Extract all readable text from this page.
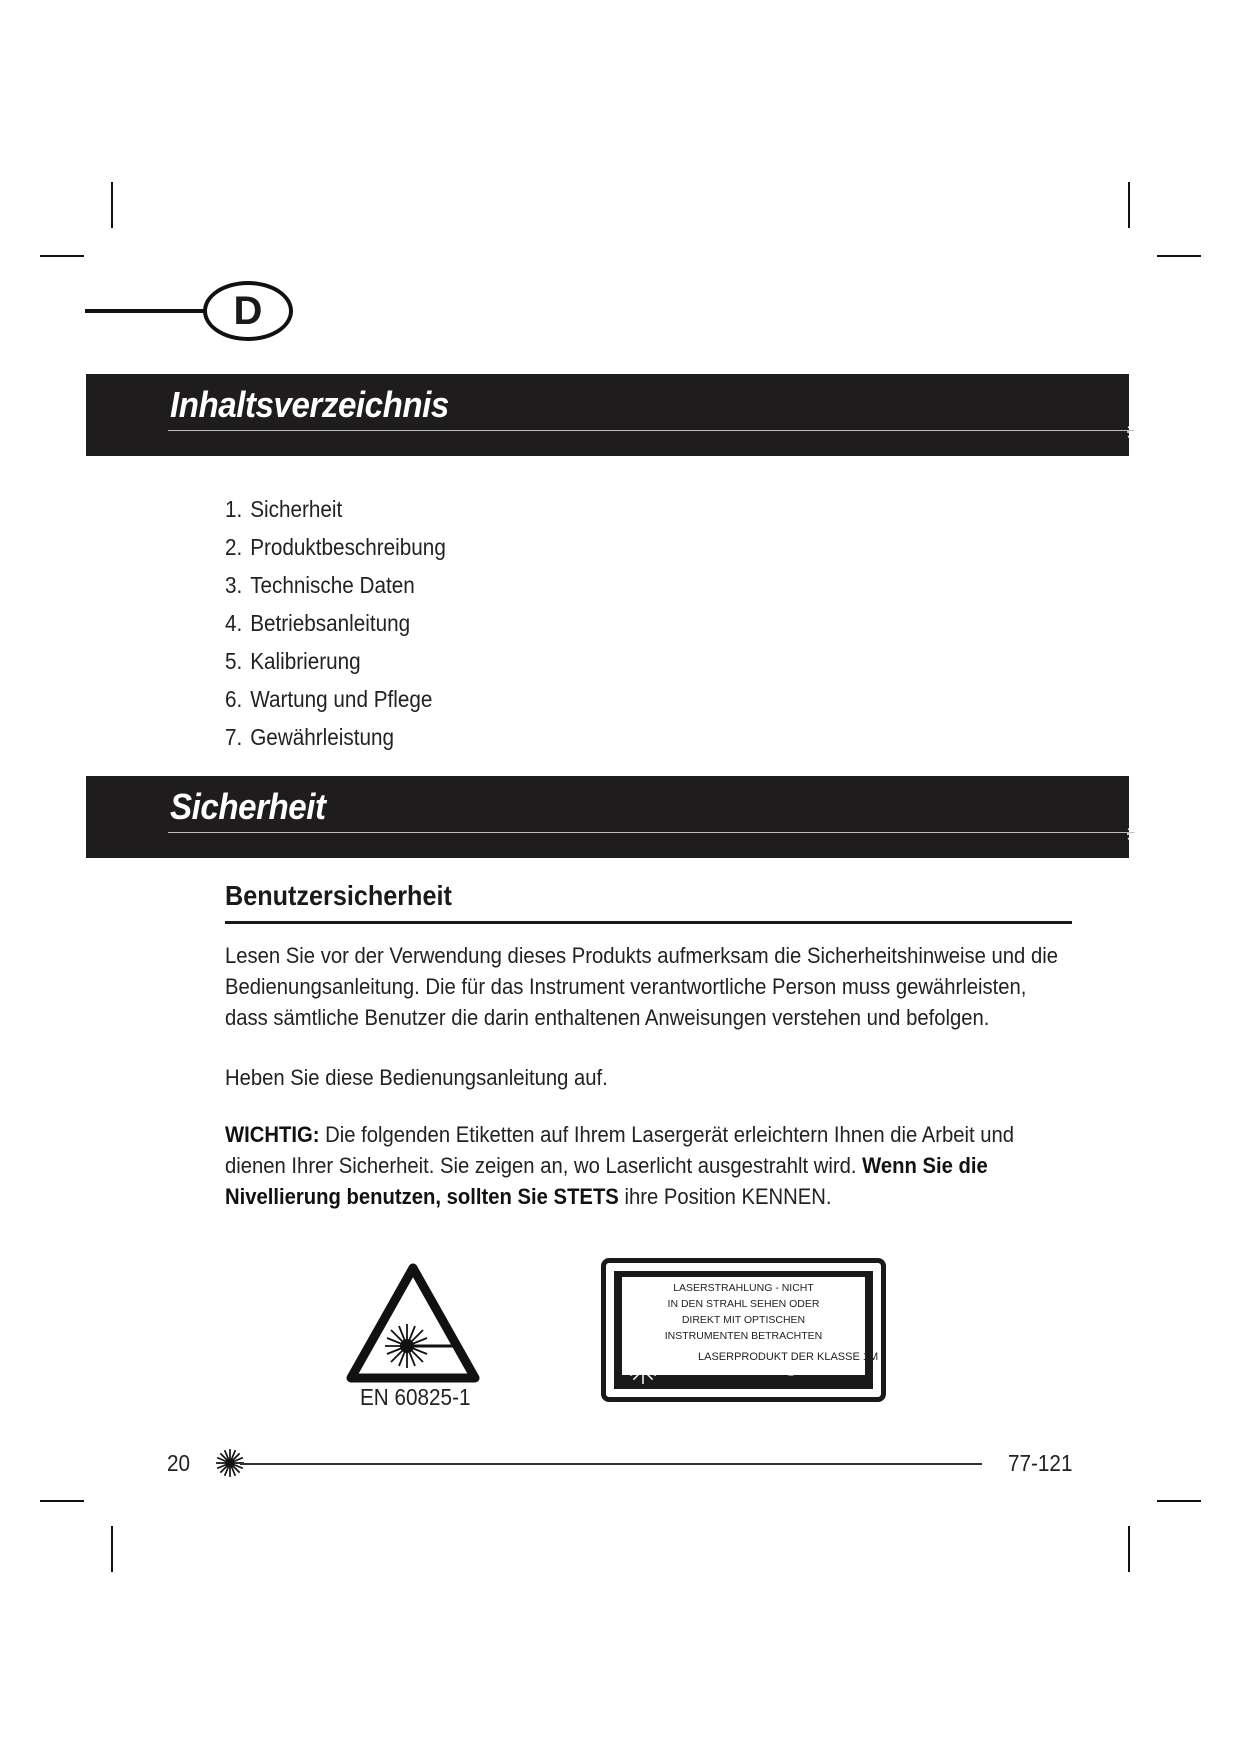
D
Inhaltsverzeichnis
1. Sicherheit
2. Produktbeschreibung
3. Technische Daten
4. Betriebsanleitung
5. Kalibrierung
6. Wartung und Pflege
7. Gewährleistung
Sicherheit
Benutzersicherheit
Lesen Sie vor der Verwendung dieses Produkts aufmerksam die Sicherheitshinweise und die Bedienungsanleitung. Die für das Instrument verantwortliche Person muss gewährleisten, dass sämtliche Benutzer die darin enthaltenen Anweisungen verstehen und befolgen.
Heben Sie diese Bedienungsanleitung auf.
WICHTIG: Die folgenden Etiketten auf Ihrem Lasergerät erleichtern Ihnen die Arbeit und dienen Ihrer Sicherheit. Sie zeigen an, wo Laserlicht ausgestrahlt wird. Wenn Sie die Nivellierung benutzen, sollten Sie STETS ihre Position KENNEN.
EN 60825-1
LASERSTRAHLUNG - NICHT
IN DEN STRAHL SEHEN ODER
DIREKT MIT OPTISCHEN
INSTRUMENTEN BETRACHTEN
LASERPRODUKT DER KLASSE 1M
MAXIMALE LEISTUNG ≤ 1 mW @ 630 - 670 nm
20	77-121
